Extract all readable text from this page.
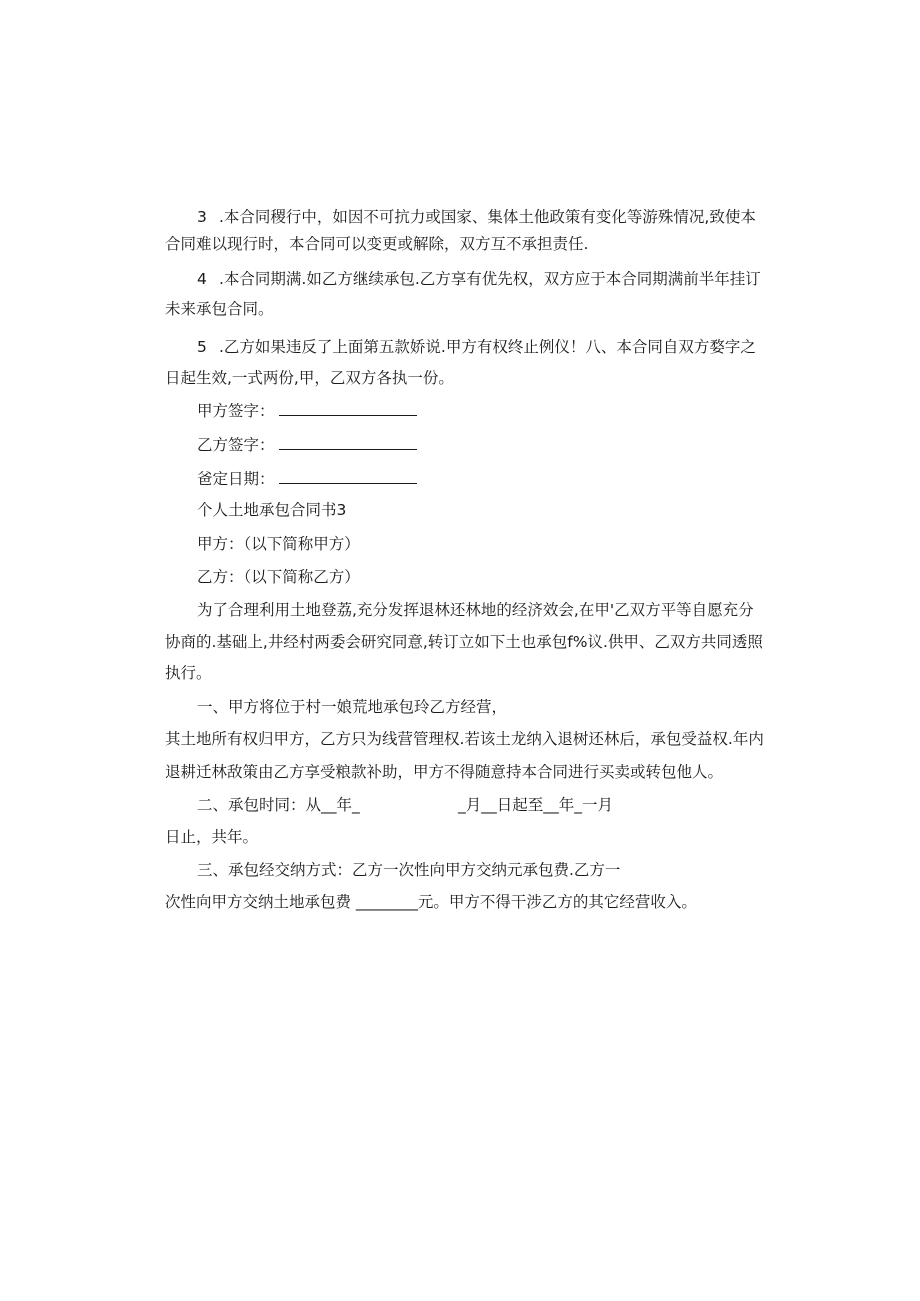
3 .本合同稷行中，如因不可抗力或国家、集体土他政策有变化等游殊情况,致使本
合同难以现行时，本合同可以变更或解除，双方互不承担责任.
4 .本合同期满.如乙方继续承包.乙方享有优先权，双方应于本合同期满前半年挂订
未来承包合同。
5 .乙方如果违反了上面第五款娇说.甲方有权终止例仪！八、本合同自双方婺字之
日起生效,一式两份,甲，乙双方各执一份。
甲方签字：
乙方签字：
爸定日期：
个人土地承包合同书3
甲方：（以下简称甲方）
乙方：（以下简称乙方）
为了合理利用土地登荔,充分发挥退林还林地的经济效会,在甲'乙双方平等自愿充分
协商的.基础上,井经村两委会研究同意,转订立如下土也承包f%议.供甲、乙双方共同透照
执行。
一、甲方将位于村一娘荒地承包玲乙方经营，
其土地所有权归甲方，乙方只为线营管理权.若该土龙纳入退树还林后，承包受益权.年内
退耕迁林敌策由乙方享受粮款补助，甲方不得随意持本合同进行买卖或转包他人。
二、承包时同：从__年_	_月__日起至__年_一月
日止，共年。
三、承包经交纳方式：乙方一次性向甲方交纳元承包费.乙方一
次性向甲方交纳土地承包费 ________元。甲方不得干涉乙方的其它经营收入。
